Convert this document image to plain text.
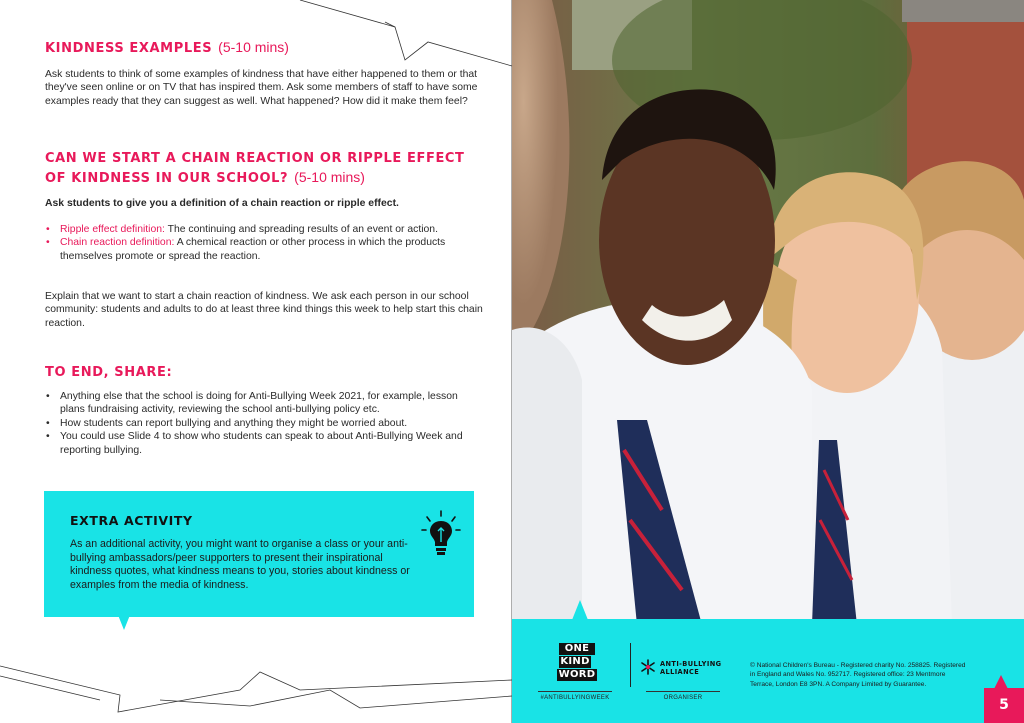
KINDNESS EXAMPLES (5-10 mins)

Ask students to think of some examples of kindness that have either happened to them or that they've seen online or on TV that has inspired them. Ask some members of staff to have some examples ready that they can suggest as well. What happened? How did it make them feel?

CAN WE START A CHAIN REACTION OR RIPPLE EFFECT
OF KINDNESS IN OUR SCHOOL? (5-10 mins)

Ask students to give you a definition of a chain reaction or ripple effect.

• Ripple effect definition: The continuing and spreading results of an event or action.
• Chain reaction definition: A chemical reaction or other process in which the products themselves promote or spread the reaction.

Explain that we want to start a chain reaction of kindness. We ask each person in our school community: students and adults to do at least three kind things this week to help start this chain reaction.

TO END, SHARE:
• Anything else that the school is doing for Anti-Bullying Week 2021, for example, lesson plans fundraising activity, reviewing the school anti-bullying policy etc.
• How students can report bullying and anything they might be worried about.
• You could use Slide 4 to show who students can speak to about Anti-Bullying Week and reporting bullying.
EXTRA ACTIVITY

As an additional activity, you might want to organise a class or your anti-bullying ambassadors/peer supporters to present their inspirational kindness quotes, what kindness means to you, stories about kindness or examples from the media of kindness.

ONE
KIND
WORD
#ANTIBULLYINGWEEK
ANTI-BULLYING ALLIANCE
ORGANISER
© National Children's Bureau - Registered charity No. 258825. Registered in England and Wales No. 952717. Registered office: 23 Mentmore Terrace, London E8 3PN. A Company Limited by Guarantee.
5
